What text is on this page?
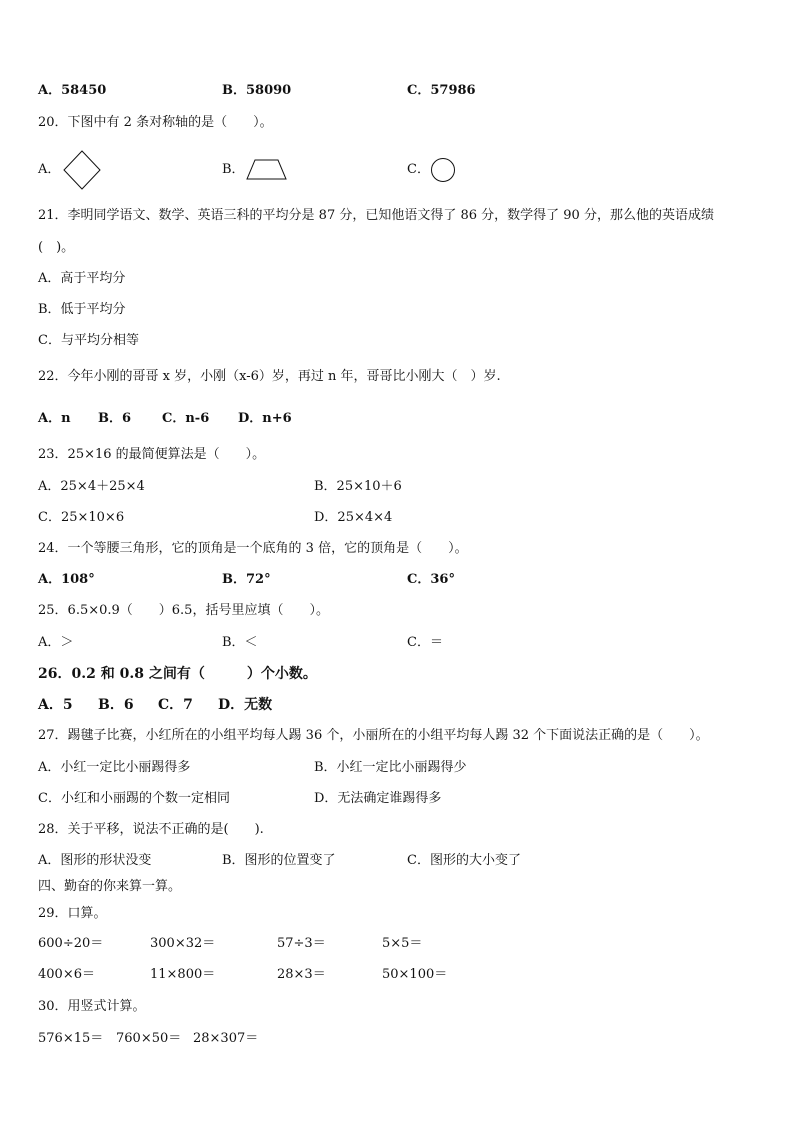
A．58450	B．58090	C．57986
20．下图中有 2 条对称轴的是（　　）。
A．	B．	C．
21．李明同学语文、数学、英语三科的平均分是 87 分，已知他语文得了 86 分，数学得了 90 分，那么他的英语成绩
(　)。
A．高于平均分
B．低于平均分
C．与平均分相等
22．今年小刚的哥哥 x 岁，小刚（x-6）岁，再过 n 年，哥哥比小刚大（　）岁.
A．n B．6 C．n-6 D．n+6
23．25×16 的最简便算法是（　　）。
A．25×4＋25×4	B．25×10＋6
C．25×10×6	D．25×4×4
24．一个等腰三角形，它的顶角是一个底角的 3 倍，它的顶角是（　　）。
A．108°	B．72°	C．36°
25．6.5×0.9（　　）6.5，括号里应填（　　）。
A．＞	B．＜	C．＝
26．0.2 和 0.8 之间有（　　　）个小数。
A．5 B．6 C．7 D．无数
27．踢毽子比赛，小红所在的小组平均每人踢 36 个，小丽所在的小组平均每人踢 32 个下面说法正确的是（　　）。
A．小红一定比小丽踢得多	B．小红一定比小丽踢得少
C．小红和小丽踢的个数一定相同	D．无法确定谁踢得多
28．关于平移，说法不正确的是(　　).
A．图形的形状没变	B．图形的位置变了	C．图形的大小变了
四、勤奋的你来算一算。
29．口算。
600÷20＝	300×32＝	57÷3＝	5×5＝
400×6＝	11×800＝	28×3＝	50×100＝
30．用竖式计算。
576×15＝ 760×50＝ 28×307＝
